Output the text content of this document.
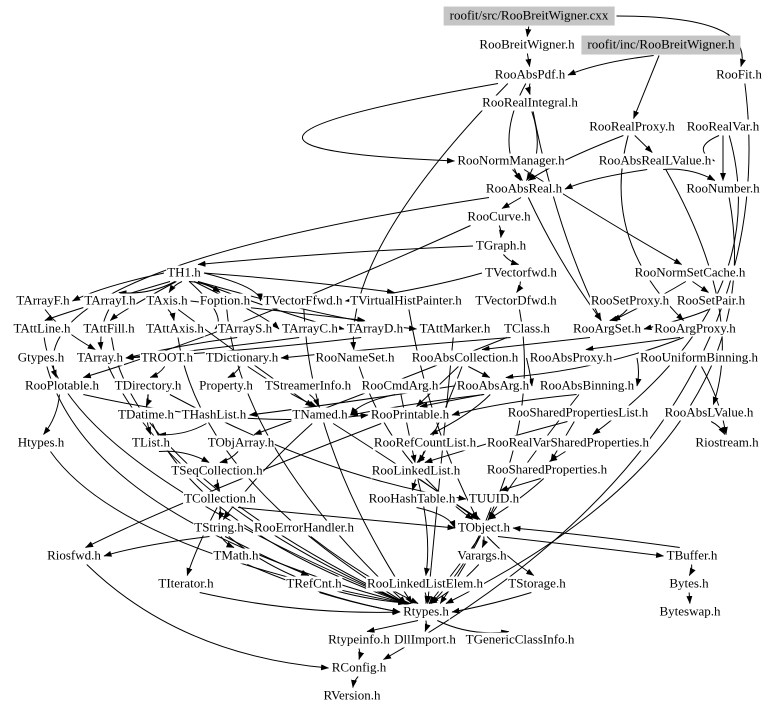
roofit/src/RooBreitWigner.cxx
RooBreitWigner.h roofit/inc/RooBreitWigner.h
RooAbsPdf.h	RooFit.h
RooRealIntegral.h
RooRealProxy.h RooRealVar.h
RooNormManager.h	RooAbsRealLValue.h
RooAbsReal.h	RooNumber.h
RooCurve.h
TGraph.h
TH1.h	TVectorfwd.h	RooNormSetCache.h
TArrayF.h TArrayI.h TAxis.h Foption.h TVectorFfwd.h TVirtualHistPainter.h TVectorDfwd.h	RooSetProxy.h RooSetPair.h
TAttLine.h TAttFill.h TAttAxis.h TArrayS.h TArrayC.h TArrayD.h TAttMarker.h TClass.h RooArgSet.h RooArgProxy.h
Gtypes.h TArray.h TROOT.h TDictionary.h	RooNameSet.h RooAbsCollection.h RooAbsProxy.h RooUniformBinning.h
RooPlotable.h TDirectory.h Property.h TStreamerInfo.h RooCmdArg.h RooAbsArg.h RooAbsBinning.h
TDatime.h THashList.h	TNamed.h RooPrintable.h	RooSharedPropertiesList.h RooAbsLValue.h
Htypes.h	TList.h	TObjArray.h	RooRefCountList.h RooRealVarSharedProperties.h	Riostream.h
TSeqCollection.h	RooLinkedList.h RooSharedProperties.h
TCollection.h	RooHashTable.h TUUID.h
TString.h RooErrorHandler.h	TObject.h
Riosfwd.h	TMath.h	Varargs.h	TBuffer.h
TIterator.h	TRefCnt.h RooLinkedListElem.h TStorage.h	Bytes.h
Rtypes.h	Byteswap.h
Rtypeinfo.h DllImport.h TGenericClassInfo.h
RConfig.h
RVersion.h
